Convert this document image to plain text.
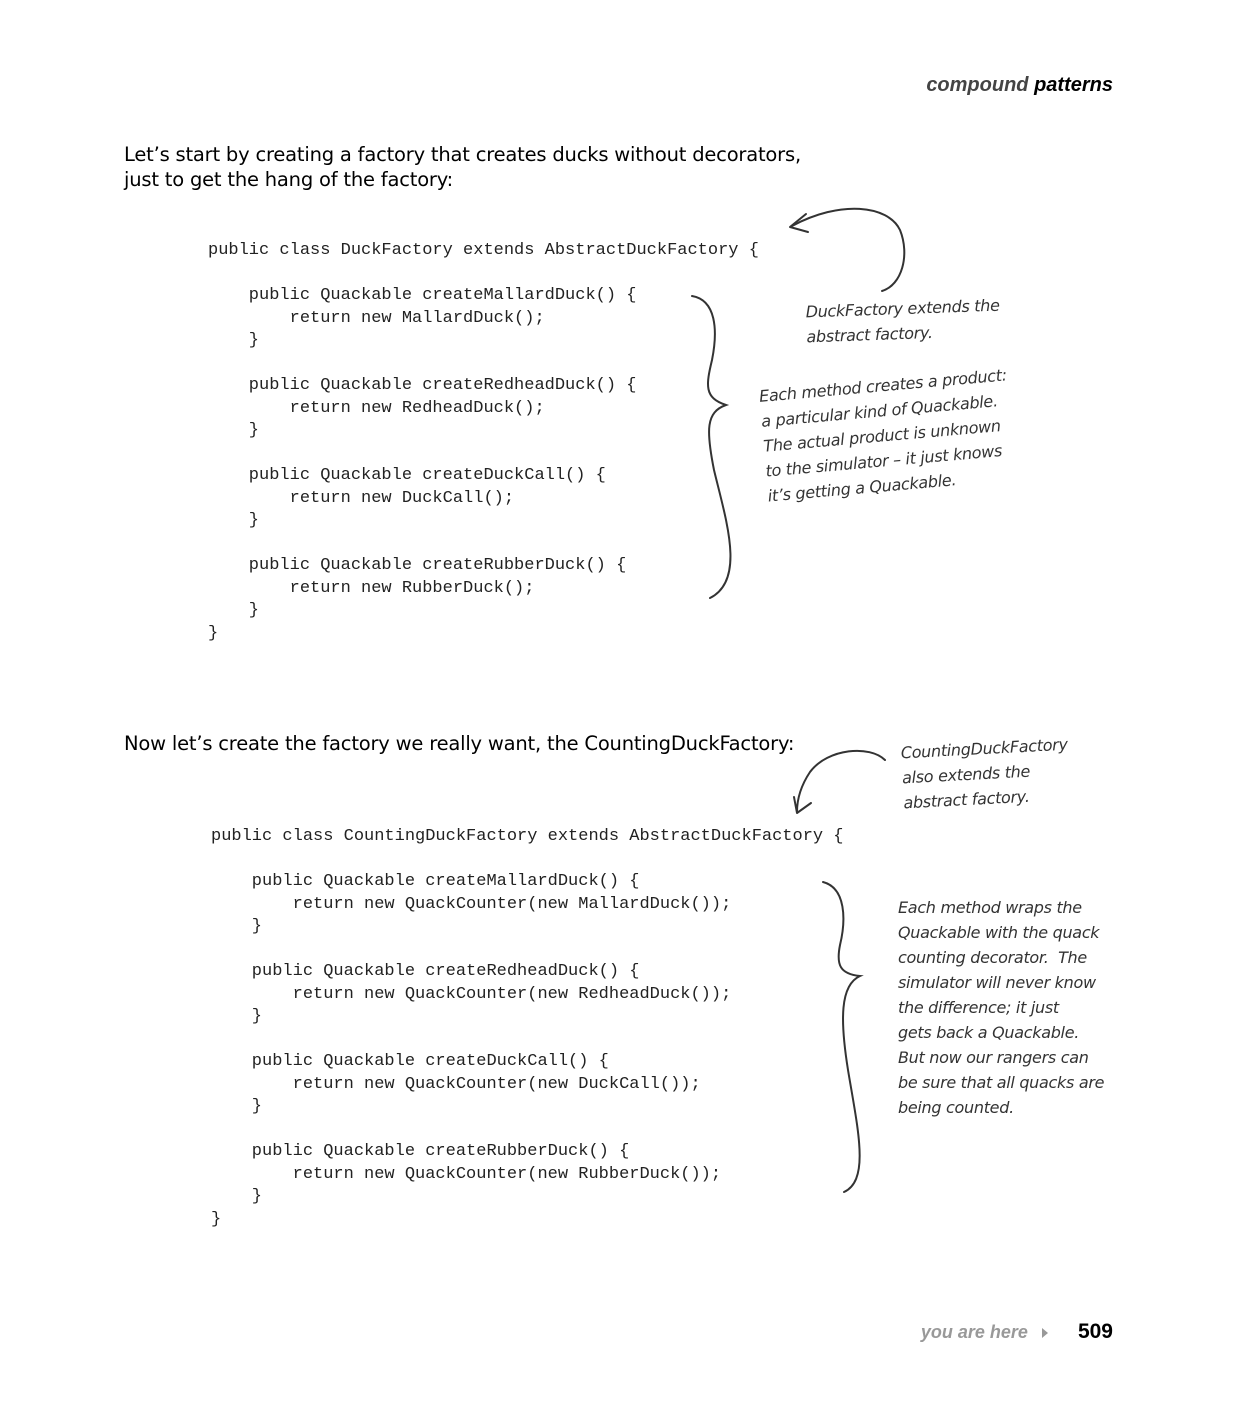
compound patterns
Let’s start by creating a factory that creates ducks without decorators,
just to get the hang of the factory:
public class DuckFactory extends AbstractDuckFactory {

public Quackable createMallardDuck() {
return new MallardDuck();
}

public Quackable createRedheadDuck() {
return new RedheadDuck();
}

public Quackable createDuckCall() {
return new DuckCall();
}

public Quackable createRubberDuck() {
return new RubberDuck();
}
}
DuckFactory extends the
abstract factory.
Each method creates a product:
a particular kind of Quackable.
The actual product is unknown
to the simulator – it just knows
it’s getting a Quackable.
Now let’s create the factory we really want, the CountingDuckFactory:
public class CountingDuckFactory extends AbstractDuckFactory {

public Quackable createMallardDuck() {
return new QuackCounter(new MallardDuck());
}

public Quackable createRedheadDuck() {
return new QuackCounter(new RedheadDuck());
}

public Quackable createDuckCall() {
return new QuackCounter(new DuckCall());
}

public Quackable createRubberDuck() {
return new QuackCounter(new RubberDuck());
}
}
CountingDuckFactory
also extends the
abstract factory.
Each method wraps the
Quackable with the quack
counting decorator.  The
simulator will never know
the difference; it just
gets back a Quackable.
But now our rangers can
be sure that all quacks are
being counted.
you are here 509
